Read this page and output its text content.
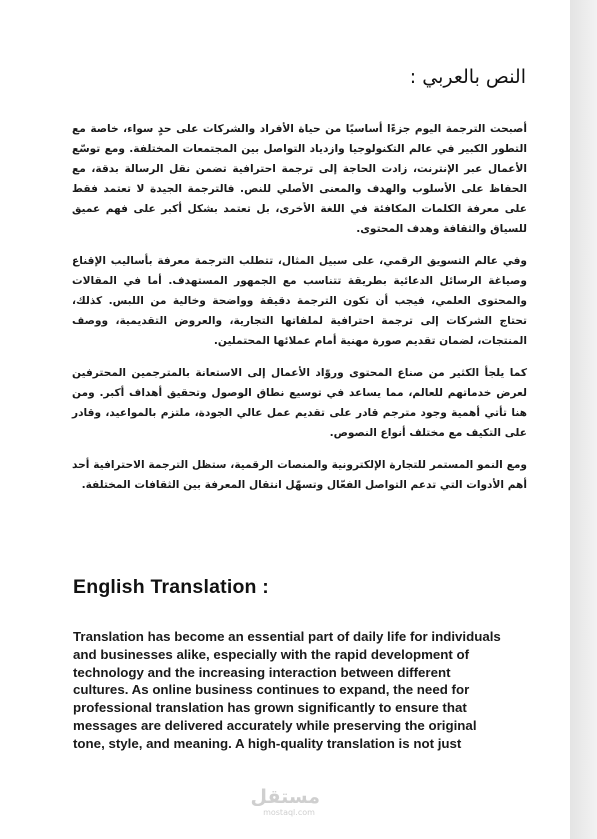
النص بالعربي :

أصبحت الترجمة اليوم جزءًا أساسيًا من حياة الأفراد والشركات على حدٍ سواء، خاصة مع التطور الكبير في عالم التكنولوجيا وازدياد التواصل بين المجتمعات المختلفة. ومع توسّع الأعمال عبر الإنترنت، زادت الحاجة إلى ترجمة احترافية تضمن نقل الرسالة بدقة، مع الحفاظ على الأسلوب والهدف والمعنى الأصلي للنص. فالترجمة الجيدة لا تعتمد فقط على معرفة الكلمات المكافئة في اللغة الأخرى، بل تعتمد بشكل أكبر على فهم عميق للسياق والثقافة وهدف المحتوى.

وفي عالم التسويق الرقمي، على سبيل المثال، تتطلب الترجمة معرفة بأساليب الإقناع وصياغة الرسائل الدعائية بطريقة تتناسب مع الجمهور المستهدف. أما في المقالات والمحتوى العلمي، فيجب أن تكون الترجمة دقيقة وواضحة وخالية من اللبس. كذلك، تحتاج الشركات إلى ترجمة احترافية لملفاتها التجارية، والعروض التقديمية، ووصف المنتجات، لضمان تقديم صورة مهنية أمام عملائها المحتملين.

كما يلجأ الكثير من صناع المحتوى وروّاد الأعمال إلى الاستعانة بالمترجمين المحترفين لعرض خدماتهم للعالم، مما يساعد في توسيع نطاق الوصول وتحقيق أهداف أكبر. ومن هنا تأتي أهمية وجود مترجم قادر على تقديم عمل عالي الجودة، ملتزم بالمواعيد، وقادر على التكيف مع مختلف أنواع النصوص.

ومع النمو المستمر للتجارة الإلكترونية والمنصات الرقمية، ستظل الترجمة الاحترافية أحد أهم الأدوات التي تدعم التواصل الفعّال وتسهّل انتقال المعرفة بين الثقافات المختلفة.

English Translation :

Translation has become an essential part of daily life for individuals

and businesses alike, especially with the rapid development of

technology and the increasing interaction between different

cultures. As online business continues to expand, the need for

professional translation has grown significantly to ensure that

messages are delivered accurately while preserving the original

tone, style, and meaning. A high-quality translation is not just

مستقل
mostaql.com
